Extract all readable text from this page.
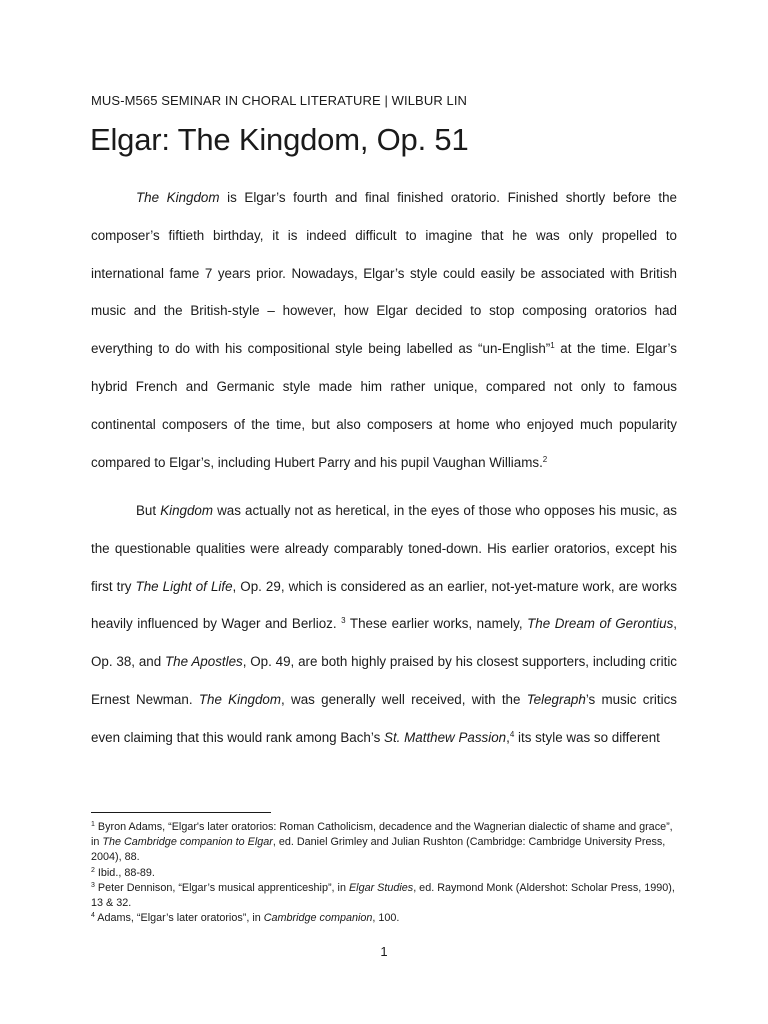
MUS-M565 SEMINAR IN CHORAL LITERATURE | WILBUR LIN
Elgar: The Kingdom, Op. 51

The Kingdom is Elgar’s fourth and final finished oratorio. Finished shortly before the composer’s fiftieth birthday, it is indeed difficult to imagine that he was only propelled to international fame 7 years prior. Nowadays, Elgar’s style could easily be associated with British music and the British-style – however, how Elgar decided to stop composing oratorios had everything to do with his compositional style being labelled as “un-English”$^1$ at the time. Elgar’s hybrid French and Germanic style made him rather unique, compared not only to famous continental composers of the time, but also composers at home who enjoyed much popularity compared to Elgar’s, including Hubert Parry and his pupil Vaughan Williams.$^2$

But Kingdom was actually not as heretical, in the eyes of those who opposes his music, as the questionable qualities were already comparably toned-down. His earlier oratorios, except his first try The Light of Life, Op. 29, which is considered as an earlier, not-yet-mature work, are works heavily influenced by Wager and Berlioz. $^3$ These earlier works, namely, The Dream of Gerontius, Op. 38, and The Apostles, Op. 49, are both highly praised by his closest supporters, including critic Ernest Newman. The Kingdom, was generally well received, with the Telegraph’s music critics even claiming that this would rank among Bach’s St. Matthew Passion,$^4$ its style was so different

$^1$ Byron Adams, “Elgar's later oratorios: Roman Catholicism, decadence and the Wagnerian dialectic of shame and grace”, in The Cambridge companion to Elgar, ed. Daniel Grimley and Julian Rushton (Cambridge: Cambridge University Press, 2004), 88.
$^2$ Ibid., 88-89.
$^3$ Peter Dennison, “Elgar’s musical apprenticeship”, in Elgar Studies, ed. Raymond Monk (Aldershot: Scholar Press, 1990), 13 & 32.
$^4$ Adams, “Elgar’s later oratorios”, in Cambridge companion, 100.
1
